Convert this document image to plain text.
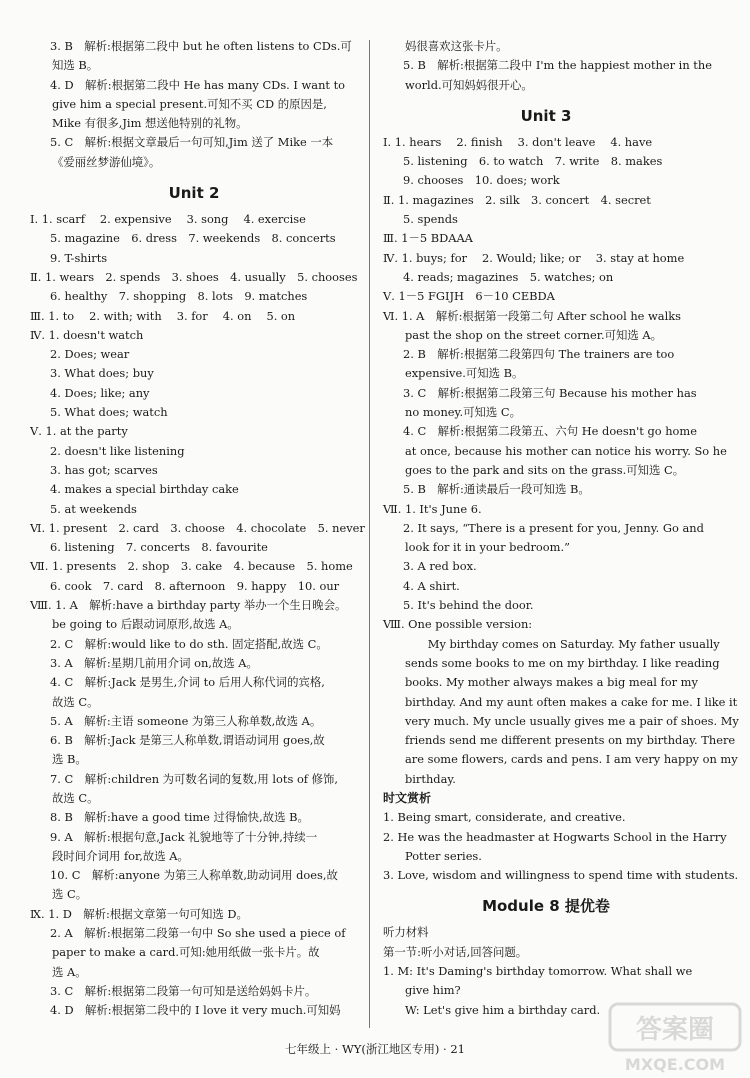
3. B　解析:根据第二段中 but he often listens to CDs.可
知选 B。
4. D　解析:根据第二段中 He has many CDs. I want to
give him a special present.可知不买 CD 的原因是,
Mike 有很多,Jim 想送他特别的礼物。
5. C　解析:根据文章最后一句可知,Jim 送了 Mike 一本
《爱丽丝梦游仙境》。
Unit 2
Ⅰ. 1. scarf　 2. expensive　 3. song　 4. exercise
5. magazine　6. dress　7. weekends　8. concerts
9. T-shirts
Ⅱ. 1. wears　2. spends　3. shoes　4. usually　5. chooses
6. healthy　7. shopping　8. lots　9. matches
Ⅲ. 1. to　 2. with; with　 3. for　 4. on　 5. on
Ⅳ. 1. doesn't watch
2. Does; wear
3. What does; buy
4. Does; like; any
5. What does; watch
Ⅴ. 1. at the party
2. doesn't like listening
3. has got; scarves
4. makes a special birthday cake
5. at weekends
Ⅵ. 1. present　2. card　3. choose　4. chocolate　5. never
6. listening　7. concerts　8. favourite
Ⅶ. 1. presents　2. shop　3. cake　4. because　5. home
6. cook　7. card　8. afternoon　9. happy　10. our
Ⅷ. 1. A　解析:have a birthday party 举办一个生日晚会。
be going to 后跟动词原形,故选 A。
2. C　解析:would like to do sth. 固定搭配,故选 C。
3. A　解析:星期几前用介词 on,故选 A。
4. C　解析:Jack 是男生,介词 to 后用人称代词的宾格,
故选 C。
5. A　解析:主语 someone 为第三人称单数,故选 A。
6. B　解析:Jack 是第三人称单数,谓语动词用 goes,故
选 B。
7. C　解析:children 为可数名词的复数,用 lots of 修饰,
故选 C。
8. B　解析:have a good time 过得愉快,故选 B。
9. A　解析:根据句意,Jack 礼貌地等了十分钟,持续一
段时间介词用 for,故选 A。
10. C　解析:anyone 为第三人称单数,助动词用 does,故
选 C。
Ⅸ. 1. D　解析:根据文章第一句可知选 D。
2. A　解析:根据第二段第一句中 So she used a piece of
paper to make a card.可知:她用纸做一张卡片。故
选 A。
3. C　解析:根据第二段第一句可知是送给妈妈卡片。
4. D　解析:根据第二段中的 I love it very much.可知妈
妈很喜欢这张卡片。
5. B　解析:根据第二段中 I'm the happiest mother in the
world.可知妈妈很开心。
Unit 3
Ⅰ. 1. hears　 2. finish　 3. don't leave　 4. have
5. listening　6. to watch　7. write　8. makes
9. chooses　10. does; work
Ⅱ. 1. magazines　2. silk　3. concert　4. secret
5. spends
Ⅲ. 1－5 BDAAA
Ⅳ. 1. buys; for　 2. Would; like; or　 3. stay at home
4. reads; magazines　5. watches; on
Ⅴ. 1－5 FGIJH　6－10 CEBDA
Ⅵ. 1. A　解析:根据第一段第二句 After school he walks
past the shop on the street corner.可知选 A。
2. B　解析:根据第二段第四句 The trainers are too
expensive.可知选 B。
3. C　解析:根据第二段第三句 Because his mother has
no money.可知选 C。
4. C　解析:根据第二段第五、六句 He doesn't go home
at once, because his mother can notice his worry. So he
goes to the park and sits on the grass.可知选 C。
5. B　解析:通读最后一段可知选 B。
Ⅶ. 1. It's June 6.
2. It says, “There is a present for you, Jenny. Go and
look for it in your bedroom.”
3. A red box.
4. A shirt.
5. It's behind the door.
Ⅷ. One possible version:
　　My birthday comes on Saturday. My father usually
sends some books to me on my birthday. I like reading
books. My mother always makes a big meal for my
birthday. And my aunt often makes a cake for me. I like it
very much. My uncle usually gives me a pair of shoes. My
friends send me different presents on my birthday. There
are some flowers, cards and pens. I am very happy on my
birthday.
时文赏析
1. Being smart, considerate, and creative.
2. He was the headmaster at Hogwarts School in the Harry
Potter series.
3. Love, wisdom and willingness to spend time with students.
Module 8 提优卷
听力材料
第一节:听小对话,回答问题。
1. M: It's Daming's birthday tomorrow. What shall we
give him?
W: Let's give him a birthday card.
七年级上 · WY(浙江地区专用) · 21
答案圈
MXQE.COM
